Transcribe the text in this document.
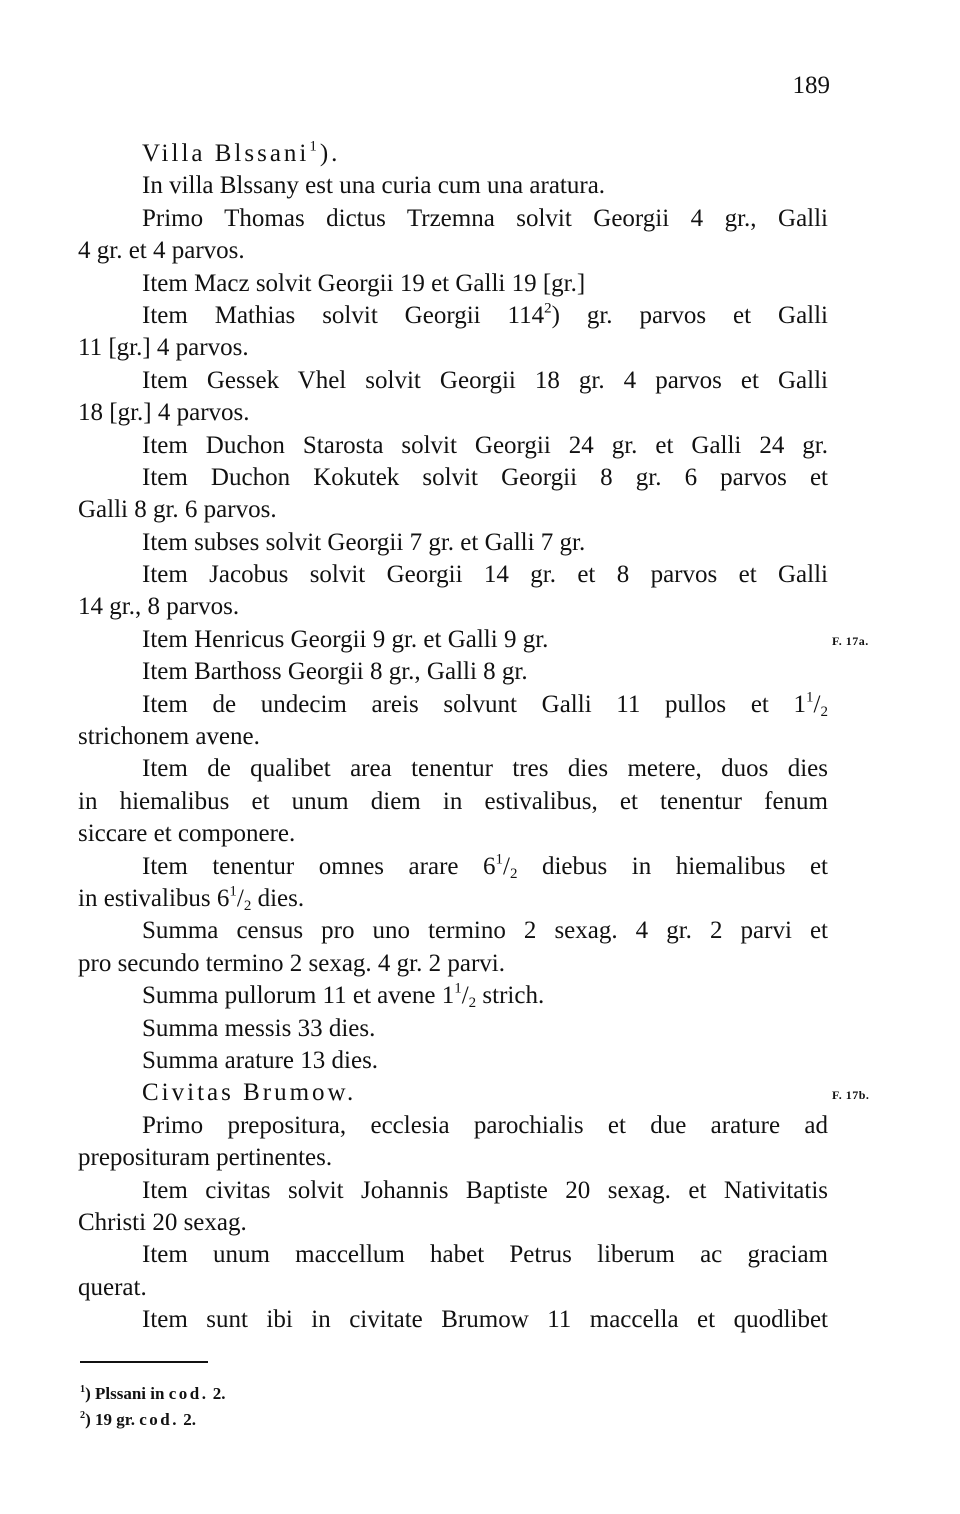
189
Villa Blssani$^1$).
In villa Blssany est una curia cum una aratura.
Primo Thomas dictus Trzemna solvit Georgii 4 gr., Galli
4 gr. et 4 parvos.
Item Macz solvit Georgii 19 et Galli 19 [gr.]
Item Mathias solvit Georgii $114^2$) gr. parvos et Galli
11 [gr.] 4 parvos.
Item Gessek Vhel solvit Georgii 18 gr. 4 parvos et Galli
18 [gr.] 4 parvos.
Item Duchon Starosta solvit Georgii 24 gr. et Galli 24 gr.
Item Duchon Kokutek solvit Georgii 8 gr. 6 parvos et
Galli 8 gr. 6 parvos.
Item subses solvit Georgii 7 gr. et Galli 7 gr.
Item Jacobus solvit Georgii 14 gr. et 8 parvos et Galli
14 gr., 8 parvos.
Item Henricus Georgii 9 gr. et Galli 9 gr.
Item Barthoss Georgii 8 gr., Galli 8 gr.
Item de undecim areis solvunt Galli 11 pullos et $1^1/_2$
strichonem avene.
Item de qualibet area tenentur tres dies metere, duos dies
in hiemalibus et unum diem in estivalibus, et tenentur fenum
siccare et componere.
Item tenentur omnes arare $6^1/_2$ diebus in hiemalibus et
in estivalibus $6^1/_2$ dies.
Summa census pro uno termino 2 sexag. 4 gr. 2 parvi et
pro secundo termino 2 sexag. 4 gr. 2 parvi.
Summa pullorum 11 et avene $1^1/_2$ strich.
Summa messis 33 dies.
Summa arature 13 dies.
Civitas Brumow.
Primo prepositura, ecclesia parochialis et due arature ad
preposituram pertinentes.
Item civitas solvit Johannis Baptiste 20 sexag. et Nativitatis
Christi 20 sexag.
Item unum maccellum habet Petrus liberum ac graciam
querat.
Item sunt ibi in civitate Brumow 11 maccella et quodlibet
F. 17a.
F. 17b.
$^1$) Plssani in cod. 2.
$^2$) 19 gr. cod. 2.
